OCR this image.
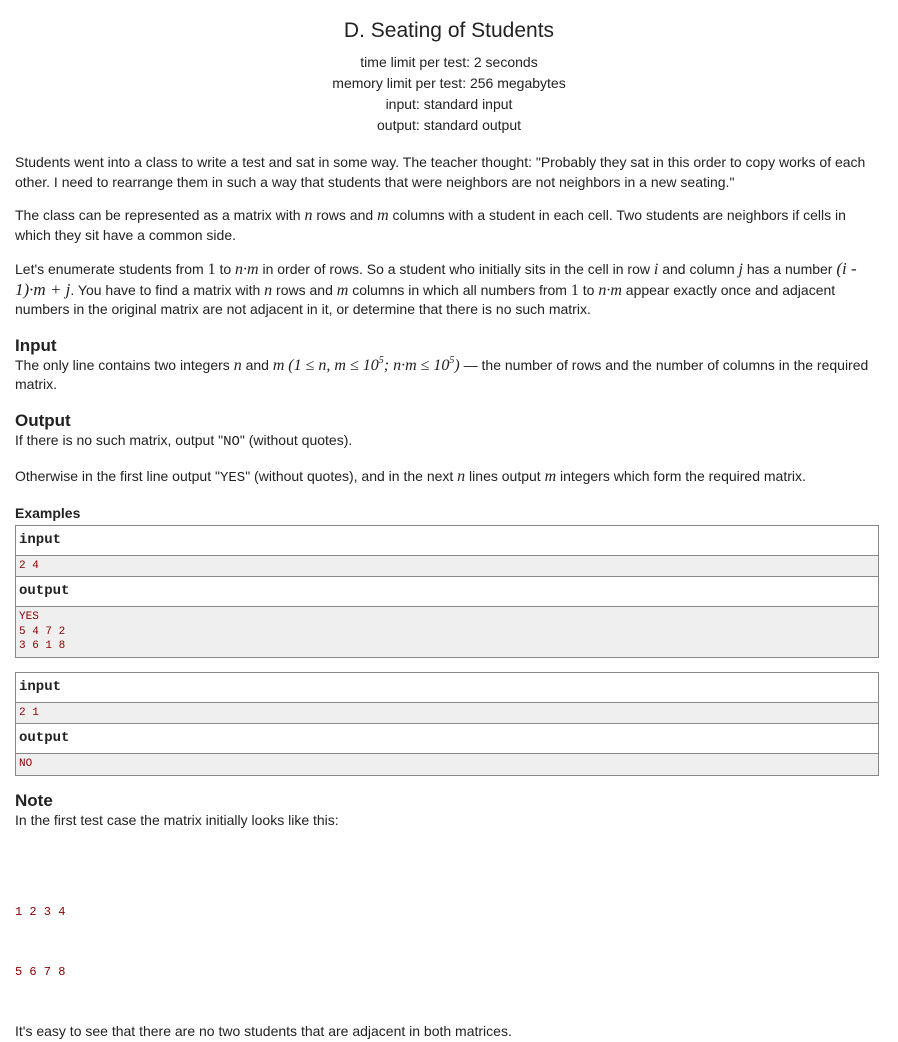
D. Seating of Students
time limit per test: 2 seconds
memory limit per test: 256 megabytes
input: standard input
output: standard output

Students went into a class to write a test and sat in some way. The teacher thought: "Probably they sat in this order to copy works of each other. I need to rearrange them in such a way that students that were neighbors are not neighbors in a new seating."

The class can be represented as a matrix with n rows and m columns with a student in each cell. Two students are neighbors if cells in which they sit have a common side.

Let's enumerate students from 1 to n·m in order of rows. So a student who initially sits in the cell in row i and column j has a number (i - 1)·m + j. You have to find a matrix with n rows and m columns in which all numbers from 1 to n·m appear exactly once and adjacent numbers in the original matrix are not adjacent in it, or determine that there is no such matrix.

Input

The only line contains two integers n and m (1 ≤ n, $m \le 10^5$; $n\cdot m \le 10^5$) — the number of rows and the number of columns in the required matrix.

Output

If there is no such matrix, output "NO" (without quotes).

Otherwise in the first line output "YES" (without quotes), and in the next n lines output m integers which form the required matrix.

Examples
input
2 4
output
YES
5 4 7 2
3 6 1 8
input
2 1
output
NO
Note

In the first test case the matrix initially looks like this:

1 2 3 4

5 6 7 8

It's easy to see that there are no two students that are adjacent in both matrices.
